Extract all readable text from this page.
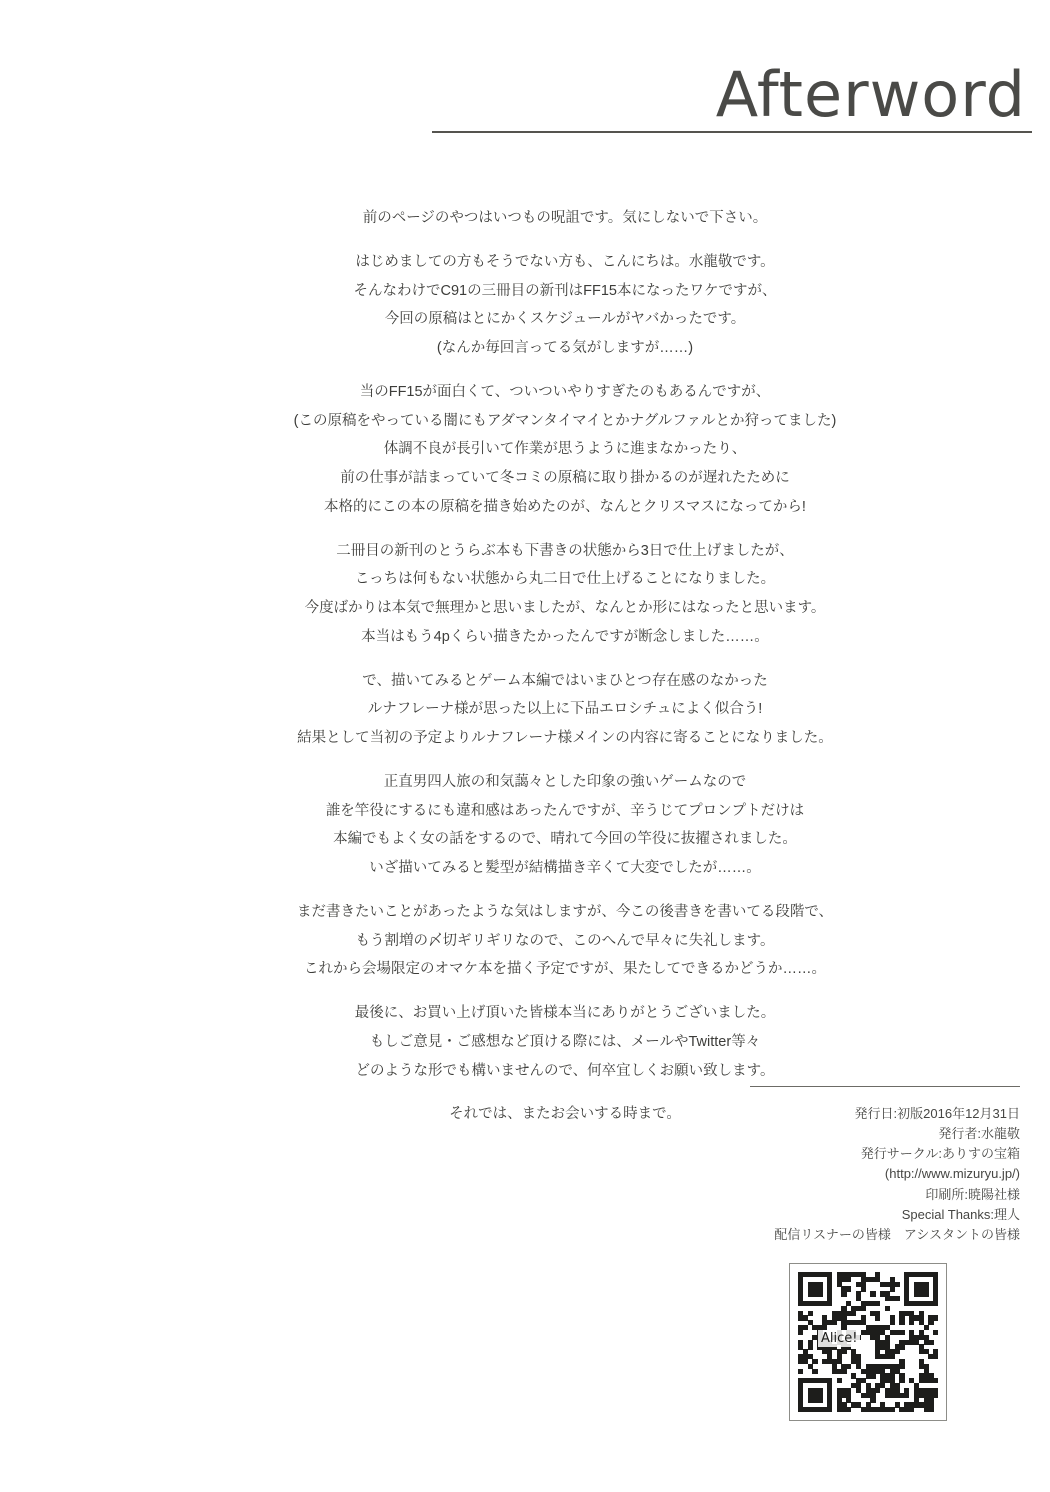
Afterword

前のページのやつはいつもの呪詛です。気にしないで下さい。

はじめましての方もそうでない方も、こんにちは。水龍敬です。

そんなわけでC91の三冊目の新刊はFF15本になったワケですが、

今回の原稿はとにかくスケジュールがヤバかったです。

(なんか毎回言ってる気がしますが……)

当のFF15が面白くて、ついついやりすぎたのもあるんですが、

(この原稿をやっている闇にもアダマンタイマイとかナグルファルとか狩ってました)

体調不良が長引いて作業が思うように進まなかったり、

前の仕事が詰まっていて冬コミの原稿に取り掛かるのが遅れたために

本格的にこの本の原稿を描き始めたのが、なんとクリスマスになってから!

二冊目の新刊のとうらぶ本も下書きの状態から3日で仕上げましたが、

こっちは何もない状態から丸二日で仕上げることになりました。

今度ばかりは本気で無理かと思いましたが、なんとか形にはなったと思います。

本当はもう4pくらい描きたかったんですが断念しました……。

で、描いてみるとゲーム本編ではいまひとつ存在感のなかった

ルナフレーナ様が思った以上に下品エロシチュによく似合う!

結果として当初の予定よりルナフレーナ様メインの内容に寄ることになりました。

正直男四人旅の和気藹々とした印象の強いゲームなので

誰を竿役にするにも違和感はあったんですが、辛うじてプロンプトだけは

本編でもよく女の話をするので、晴れて今回の竿役に抜擢されました。

いざ描いてみると髪型が結構描き辛くて大変でしたが……。

まだ書きたいことがあったような気はしますが、今この後書きを書いてる段階で、

もう割増の〆切ギリギリなので、このへんで早々に失礼します。

これから会場限定のオマケ本を描く予定ですが、果たしてできるかどうか……。

最後に、お買い上げ頂いた皆様本当にありがとうございました。

もしご意見・ご感想など頂ける際には、メールやTwitter等々

どのような形でも構いませんので、何卒宜しくお願い致します。

それでは、またお会いする時まで。	発行日:初版2016年12月31日
発行者:水龍敬
発行サークル:ありすの宝箱
(http://www.mizuryu.jp/)
印刷所:暁陽社様
Special Thanks:理人
配信リスナーの皆様　アシスタントの皆様
Alice!
